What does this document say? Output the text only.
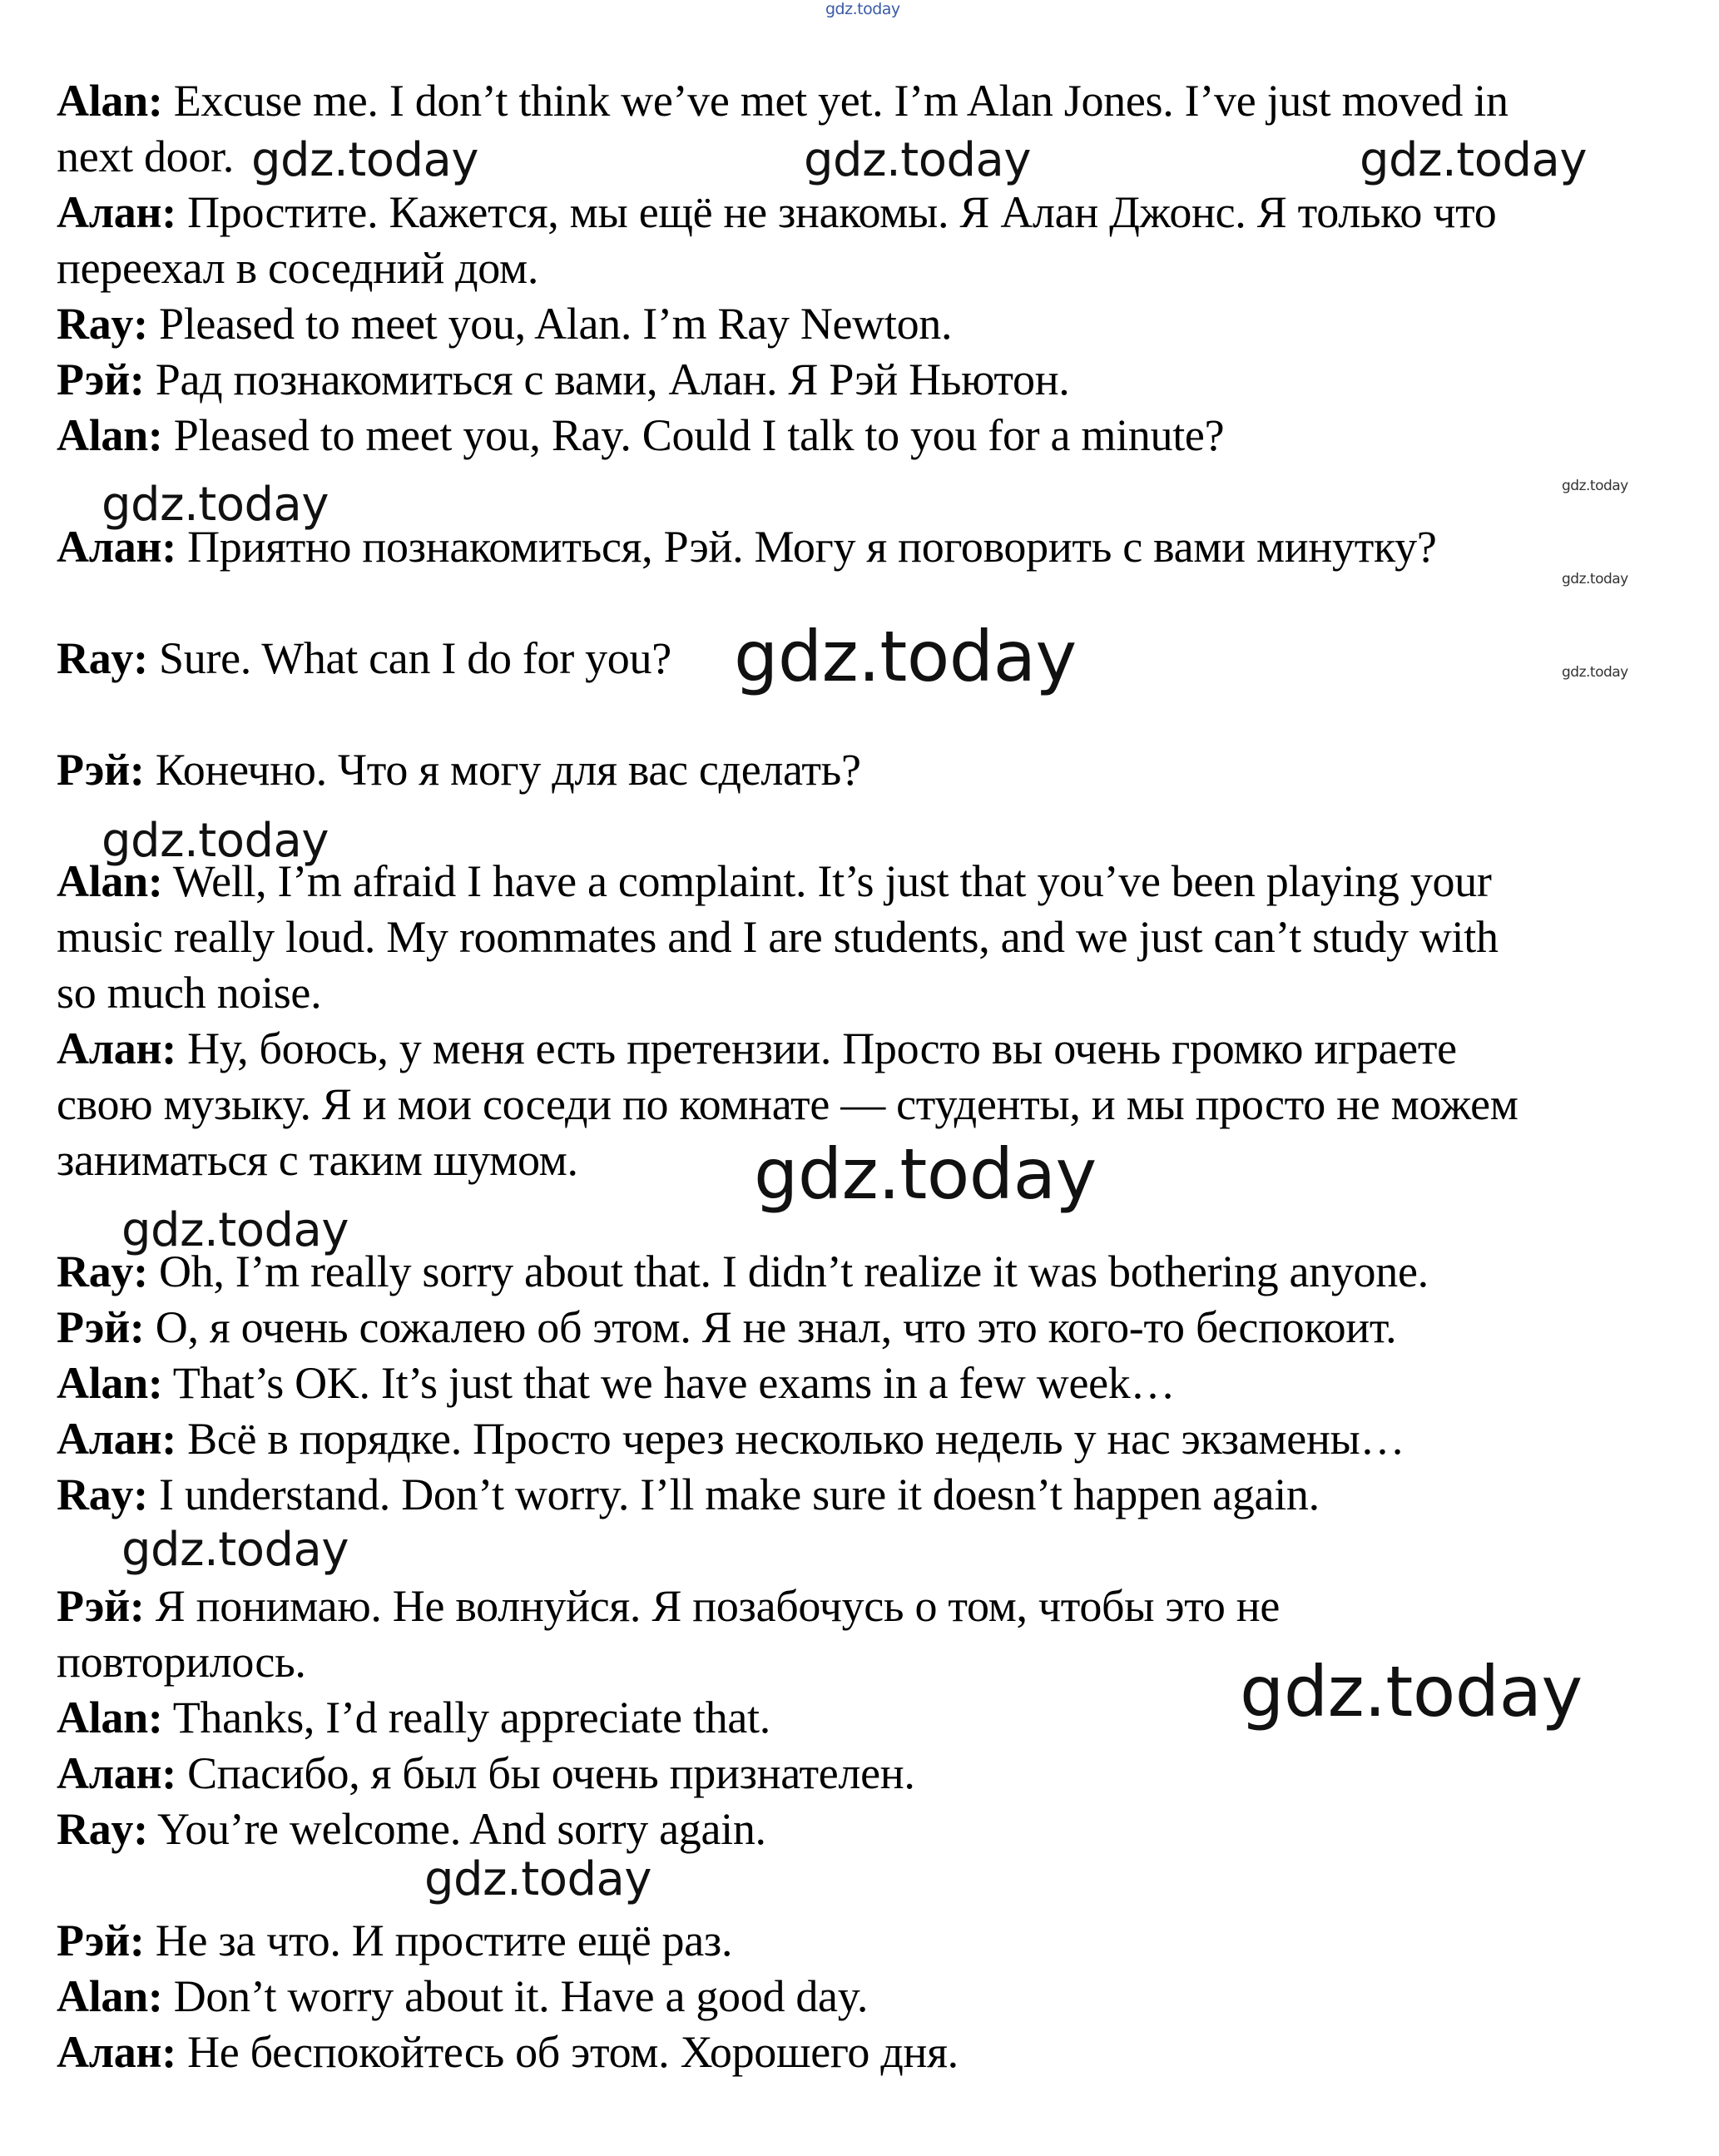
Alan: Excuse me. I don’t think we’ve met yet. I’m Alan Jones. I’ve just moved in
next door.
Алан: Простите. Кажется, мы ещё не знакомы. Я Алан Джонс. Я только что
переехал в соседний дом.
Ray: Pleased to meet you, Alan. I’m Ray Newton.
Рэй: Рад познакомиться с вами, Алан. Я Рэй Ньютон.
Alan: Pleased to meet you, Ray. Could I talk to you for a minute?
Алан: Приятно познакомиться, Рэй. Могу я поговорить с вами минутку?
Ray: Sure. What can I do for you?
Рэй: Конечно. Что я могу для вас сделать?
Alan: Well, I’m afraid I have a complaint. It’s just that you’ve been playing your
music really loud. My roommates and I are students, and we just can’t study with
so much noise.
Алан: Ну, боюсь, у меня есть претензии. Просто вы очень громко играете
свою музыку. Я и мои соседи по комнате — студенты, и мы просто не можем
заниматься с таким шумом.
Ray: Oh, I’m really sorry about that. I didn’t realize it was bothering anyone.
Рэй: О, я очень сожалею об этом. Я не знал, что это кого-то беспокоит.
Alan: That’s OK. It’s just that we have exams in a few week…
Алан: Всё в порядке. Просто через несколько недель у нас экзамены…
Ray: I understand. Don’t worry. I’ll make sure it doesn’t happen again.
Рэй: Я понимаю. Не волнуйся. Я позабочусь о том, чтобы это не
повторилось.
Alan: Thanks, I’d really appreciate that.
Алан: Спасибо, я был бы очень признателен.
Ray: You’re welcome. And sorry again.
Рэй: Не за что. И простите ещё раз.
Alan: Don’t worry about it. Have a good day.
Алан: Не беспокойтесь об этом. Хорошего дня.
gdz.today
gdz.today	gdz.today	gdz.today
gdz.today	gdz.today
gdz.today
gdz.today
gdz.today
gdz.today
gdz.today
gdz.today
gdz.today
gdz.today
gdz.today
